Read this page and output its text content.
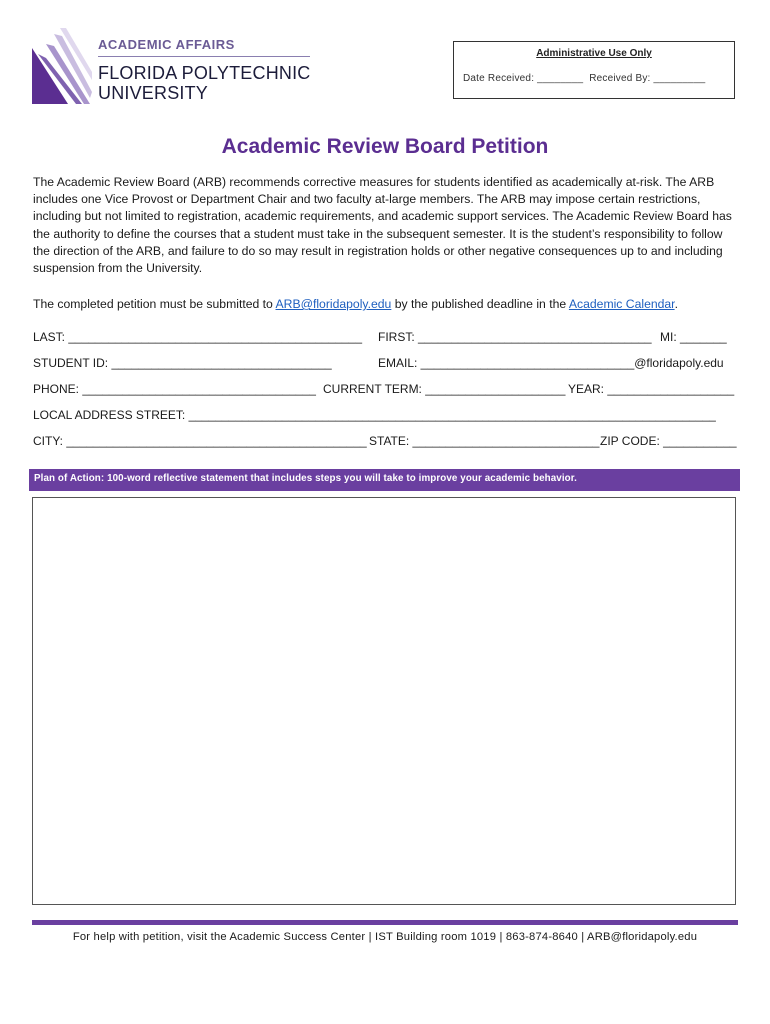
ACADEMIC AFFAIRS
FLORIDA POLYTECHNIC
UNIVERSITY
Administrative Use Only
Date Received: ________  Received By: _________
Academic Review Board Petition

The Academic Review Board (ARB) recommends corrective measures for students identified as academically at-risk. The ARB includes one Vice Provost or Department Chair and two faculty at-large members. The ARB may impose certain restrictions, including but not limited to registration, academic requirements, and academic support services. The Academic Review Board has the authority to define the courses that a student must take in the subsequent semester. It is the student’s responsibility to follow the direction of the ARB, and failure to do so may result in registration holds or other negative consequences up to and including suspension from the University.

The completed petition must be submitted to ARB@floridapoly.edu by the published deadline in the Academic Calendar.
LAST: ____________________________________________ FIRST: ___________________________________ MI: _______
STUDENT ID: _________________________________	EMAIL: ________________________________@floridapoly.edu
PHONE: ___________________________________ CURRENT TERM: _____________________ YEAR: ___________________
LOCAL ADDRESS STREET: _______________________________________________________________________________
CITY: _____________________________________________ STATE: ____________________________ ZIP CODE: ___________
Plan of Action: 100-word reflective statement that includes steps you will take to improve your academic behavior.
For help with petition, visit the Academic Success Center | IST Building room 1019 | 863-874-8640 | ARB@floridapoly.edu
